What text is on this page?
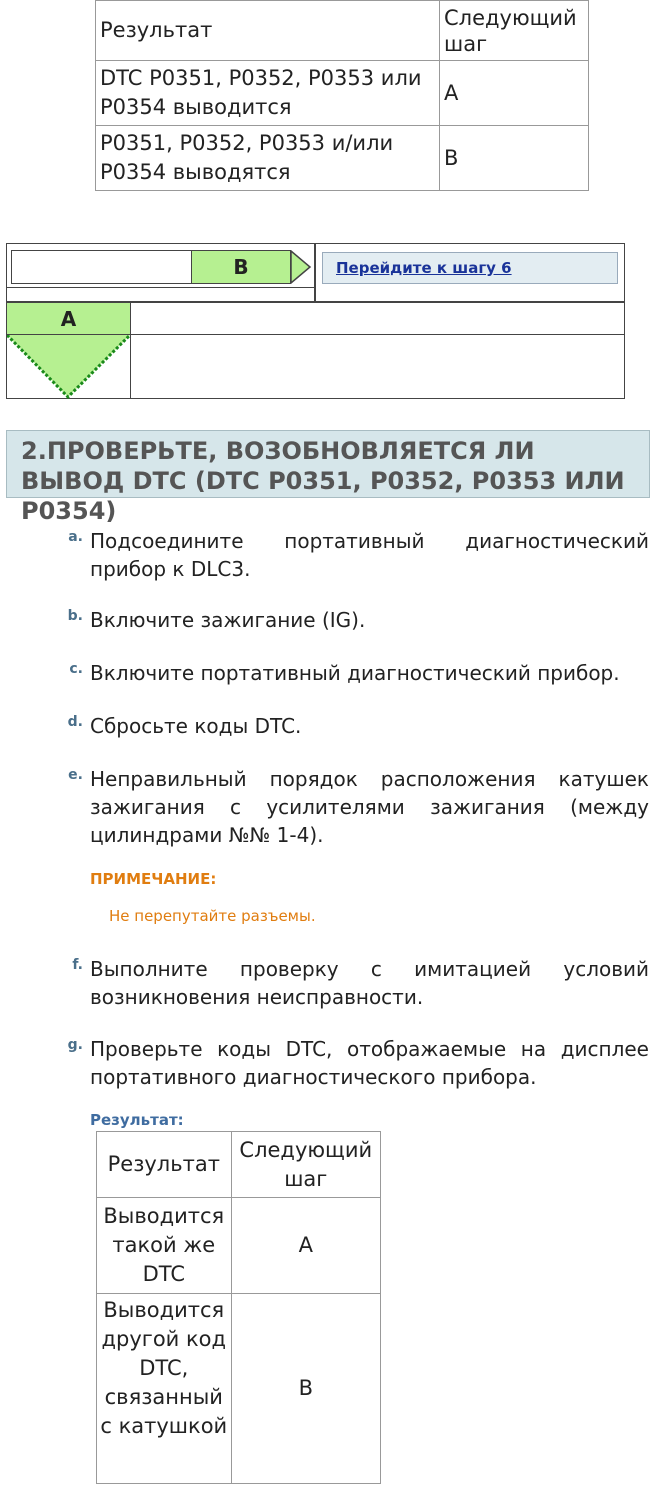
Результат	Следующий шаг
DTC P0351, P0352, P0353 или P0354 выводится	A
P0351, P0352, P0353 и/или P0354 выводятся	B
B	Перейдите к шагу 6
A
2.ПРОВЕРЬТЕ, ВОЗОБНОВЛЯЕТСЯ ЛИ ВЫВОД DTC (DTC P0351, P0352, P0353 ИЛИ P0354)
a. Подсоедините портативный диагностический прибор к DLC3.
b. Включите зажигание (IG).
c. Включите портативный диагностический прибор.
d. Сбросьте коды DTC.
e. Неправильный порядок расположения катушек зажигания с усилителями зажигания (между цилиндрами №№ 1-4).
ПРИМЕЧАНИЕ:
Не перепутайте разъемы.
f. Выполните проверку с имитацией условий возникновения неисправности.
g. Проверьте коды DTC, отображаемые на дисплее портативного диагностического прибора.
Результат:
Результат	Следующий шаг
Выводится такой же DTC	A
Выводится другой код DTC, связанный с катушкой	B
